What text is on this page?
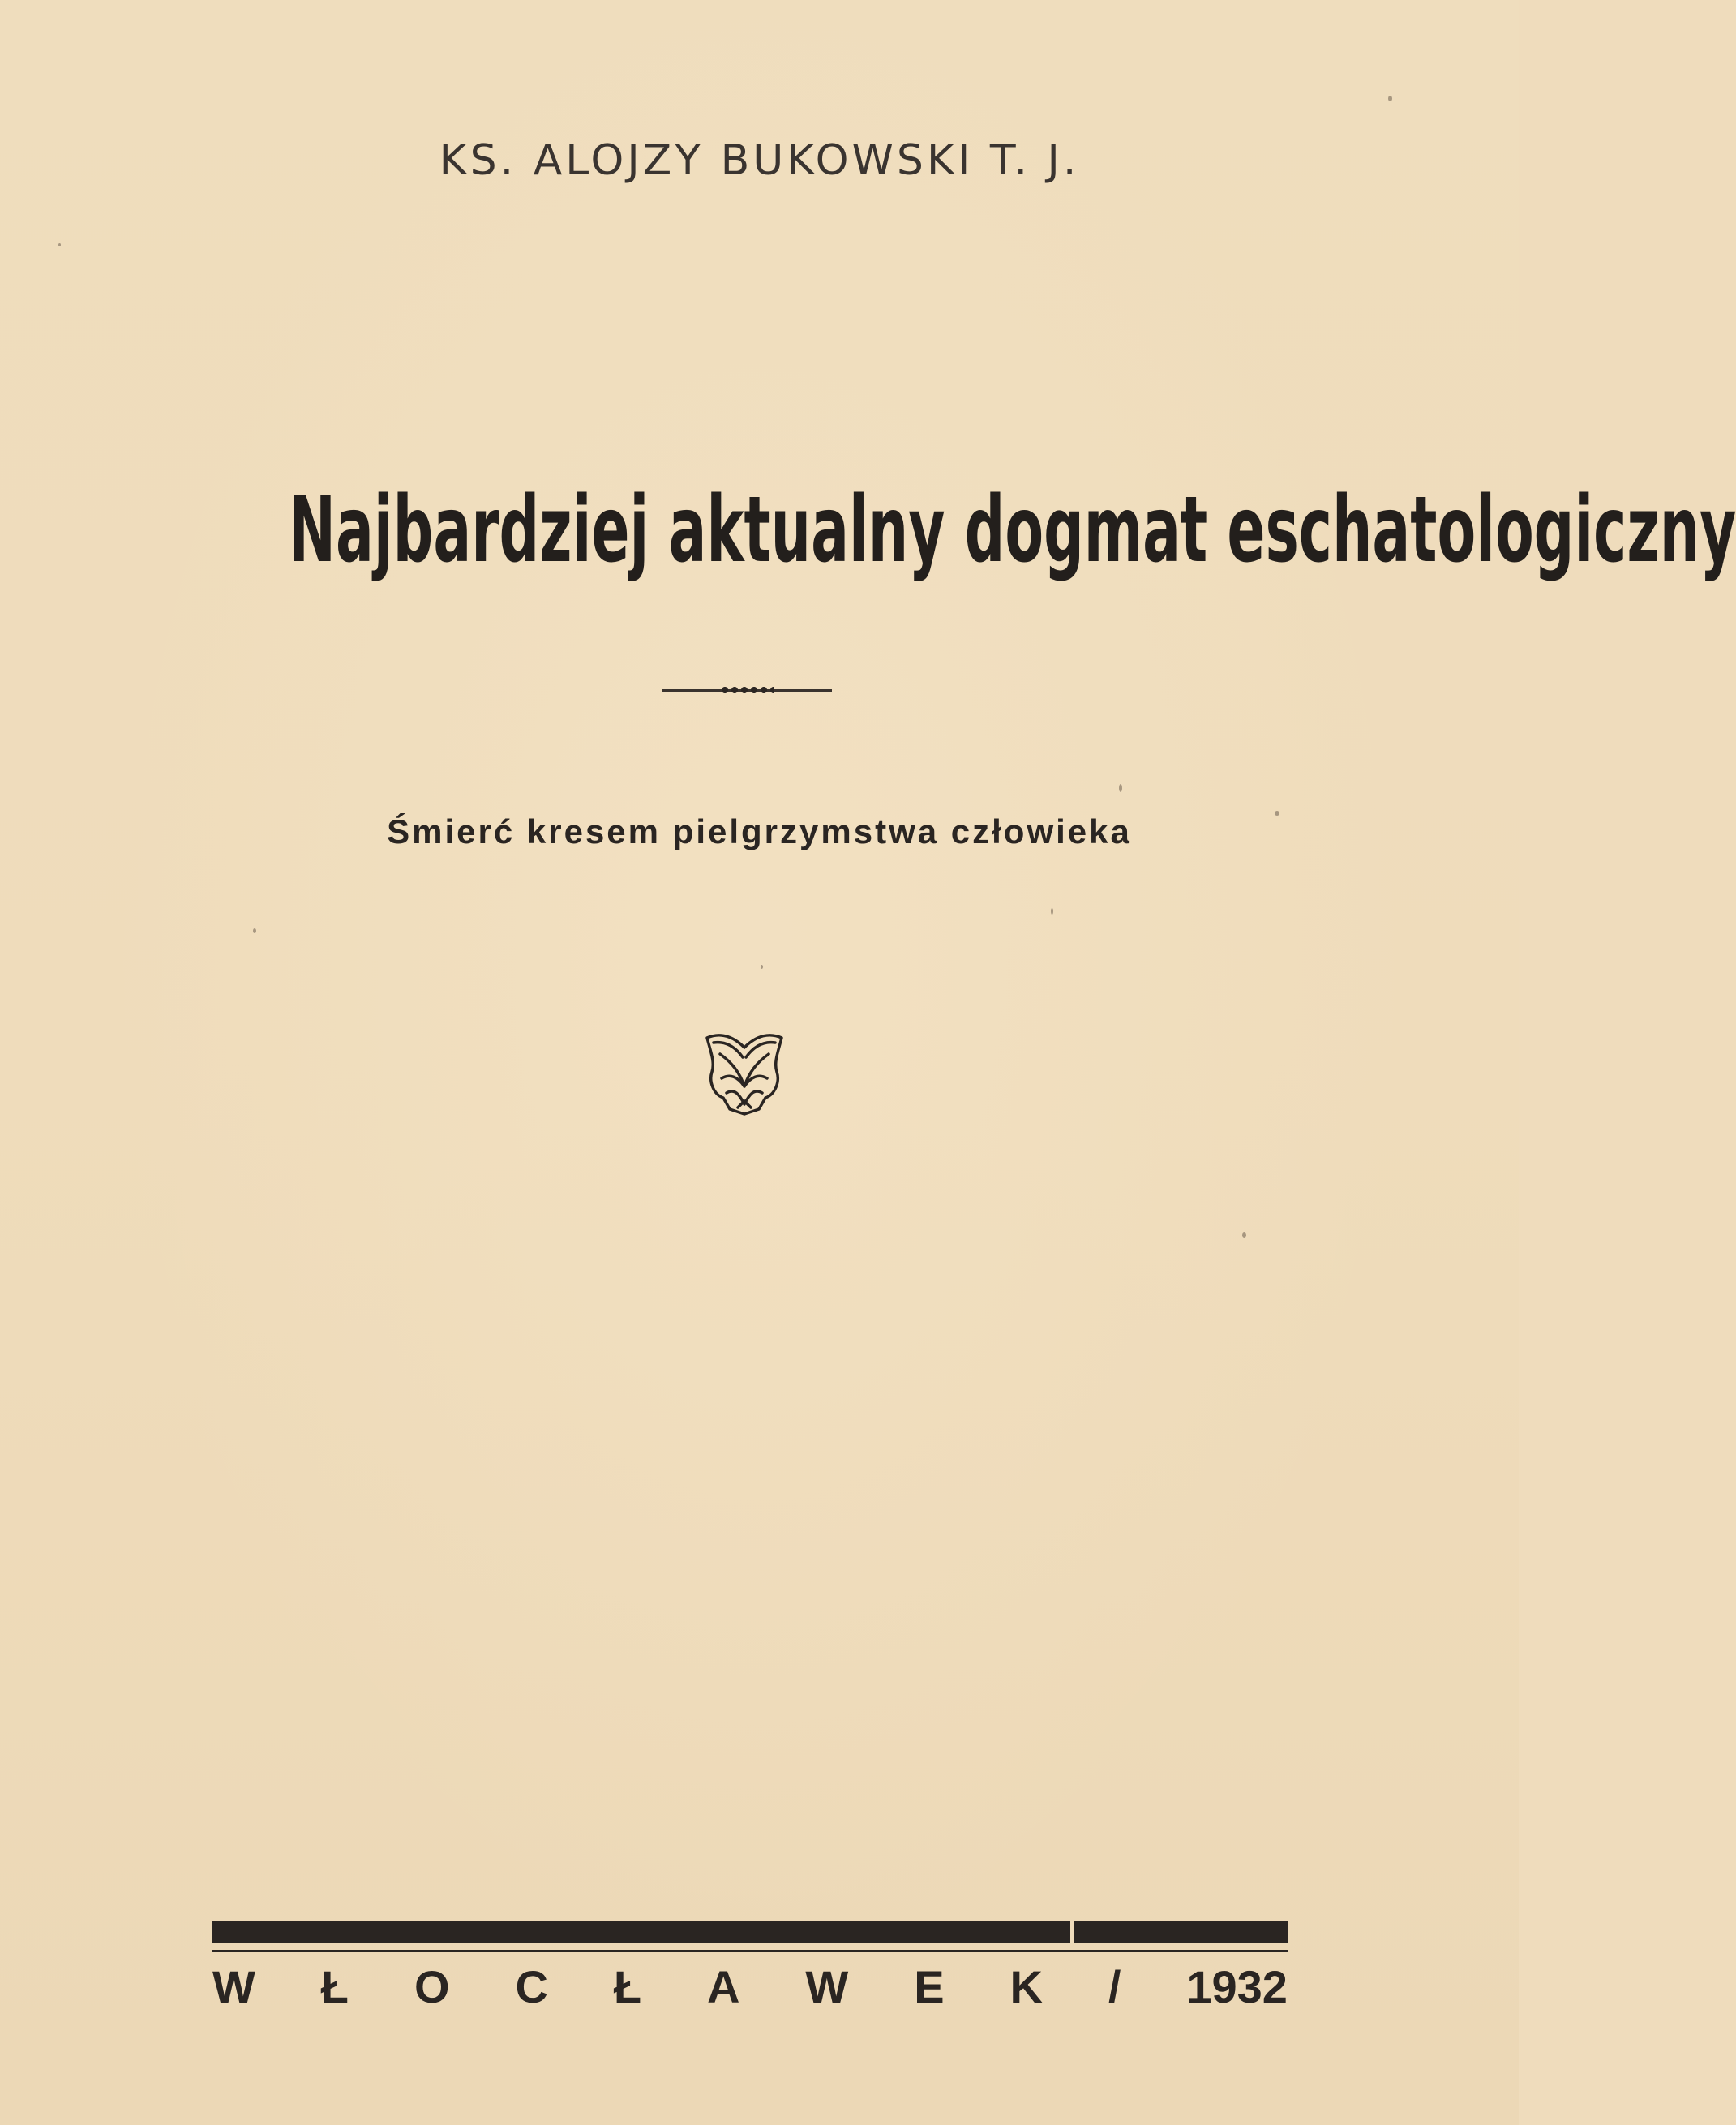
KS. ALOJZY BUKOWSKI T. J.
Najbardziej aktualny dogmat eschatologiczny
Śmierć kresem pielgrzymstwa człowieka
W Ł O C Ł A W E K / 1932
